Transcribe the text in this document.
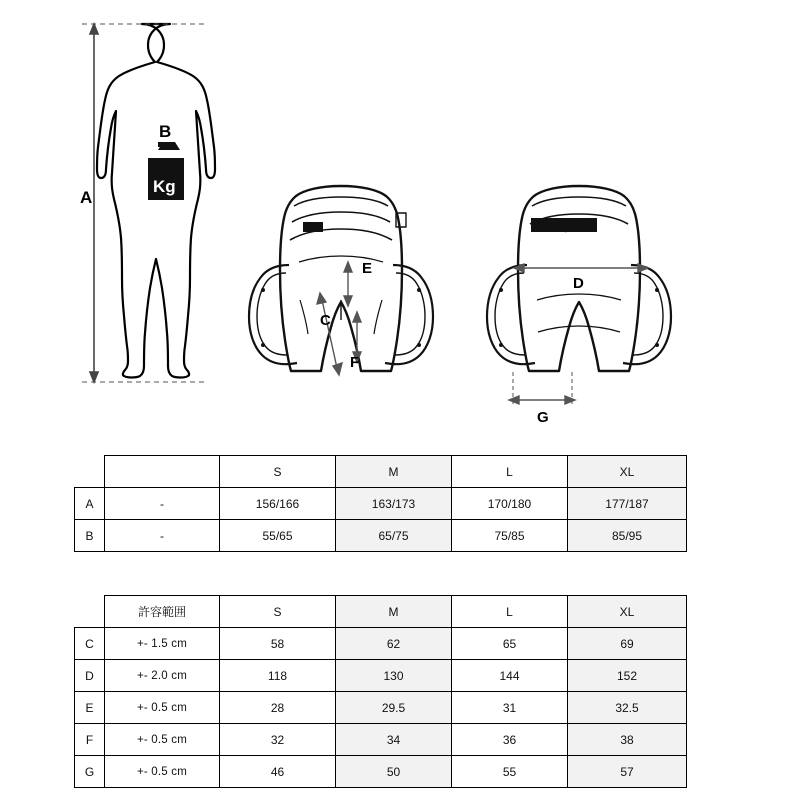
A
B
Kg
XR
E
C
F
mares | XR
D
G
		S	M	L	XL
A	-	156/166	163/173	170/180	177/187
B	-	55/65	65/75	75/85	85/95
	許容範囲	S	M	L	XL
C	+- 1.5 cm	58	62	65	69
D	+- 2.0 cm	118	130	144	152
E	+- 0.5 cm	28	29.5	31	32.5
F	+- 0.5 cm	32	34	36	38
G	+- 0.5 cm	46	50	55	57
